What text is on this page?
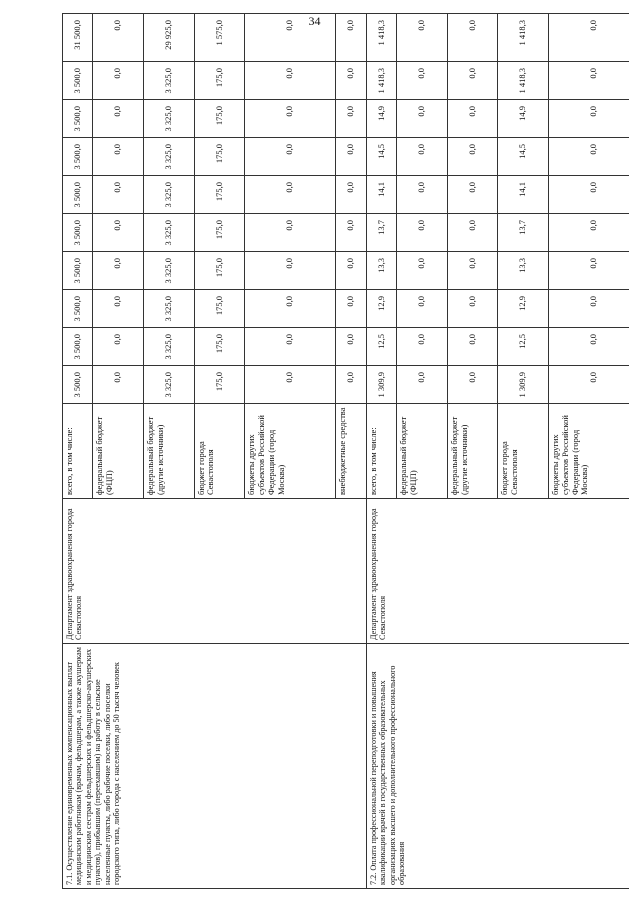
34
7.1. Осуществление единовременных компенсационных выплат медицинским работникам (врачам, фельдшерам, а также акушеркам и медицинским сестрам фельдшерских и фельдшерско-акушерских пунктов), прибывшим (переехавшим) на работу в сельские населенные пункты, либо рабочие поселки, либо поселки городского типа, либо города с населением до 50 тысяч человек	Департамент здравоохранения города Севастополя	всего, в том числе:	3 500,0	3 500,0	3 500,0	3 500,0	3 500,0	3 500,0	3 500,0	3 500,0	3 500,0	31 500,0
		федеральный бюджет (ФЦП)	0,0	0,0	0,0	0,0	0,0	0,0	0,0	0,0	0,0	0,0
		федеральный бюджет (другие источники)	3 325,0	3 325,0	3 325,0	3 325,0	3 325,0	3 325,0	3 325,0	3 325,0	3 325,0	29 925,0
		бюджет города Севастополя	175,0	175,0	175,0	175,0	175,0	175,0	175,0	175,0	175,0	1 575,0
		бюджеты других субъектов Российской Федерации (город Москва)	0,0	0,0	0,0	0,0	0,0	0,0	0,0	0,0	0,0	0,0
		внебюджетные средства	0,0	0,0	0,0	0,0	0,0	0,0	0,0	0,0	0,0	0,0
7.2. Оплата профессиональной переподготовки и повышения квалификации врачей в государственных образовательных организациях высшего и дополнительного профессионального образования	Департамент здравоохранения города Севастополя	всего, в том числе:	1 309,9	12,5	12,9	13,3	13,7	14,1	14,5	14,9	1 418,3	1 418,3
		федеральный бюджет (ФЦП)	0,0	0,0	0,0	0,0	0,0	0,0	0,0	0,0	0,0	0,0
		федеральный бюджет (другие источники)	0,0	0,0	0,0	0,0	0,0	0,0	0,0	0,0	0,0	0,0
		бюджет города Севастополя	1 309,9	12,5	12,9	13,3	13,7	14,1	14,5	14,9	1 418,3	1 418,3
		бюджеты других субъектов Российской Федерации (город Москва)	0,0	0,0	0,0	0,0	0,0	0,0	0,0	0,0	0,0	0,0
